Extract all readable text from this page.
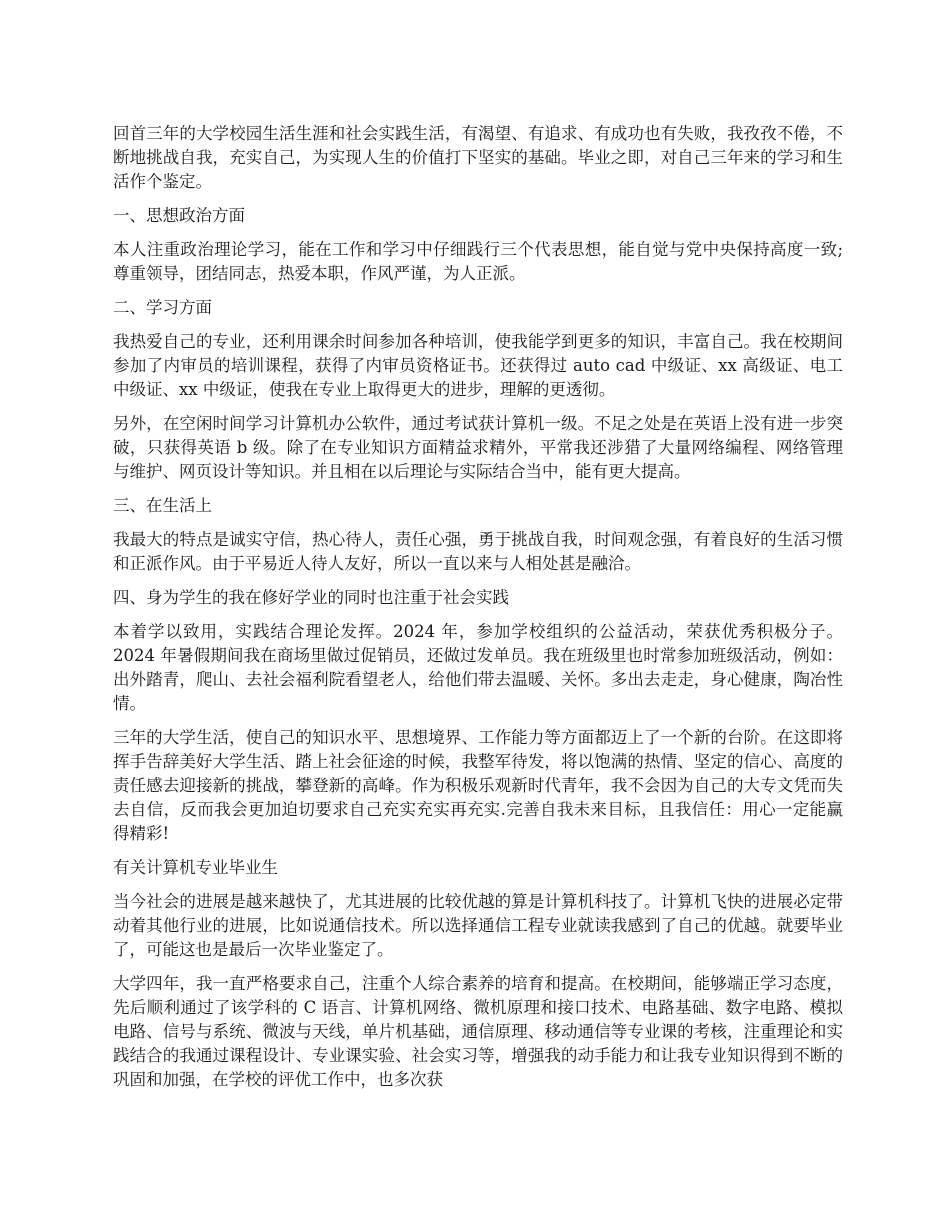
回首三年的大学校园生活生涯和社会实践生活，有渴望、有追求、有成功也有失败，我孜孜不倦，不断地挑战自我，充实自己，为实现人生的价值打下坚实的基础。毕业之即，对自己三年来的学习和生活作个鉴定。

一、思想政治方面

本人注重政治理论学习，能在工作和学习中仔细践行三个代表思想，能自觉与党中央保持高度一致;尊重领导，团结同志，热爱本职，作风严谨，为人正派。

二、学习方面

我热爱自己的专业，还利用课余时间参加各种培训，使我能学到更多的知识，丰富自己。我在校期间参加了内审员的培训课程，获得了内审员资格证书。还获得过 auto cad 中级证、xx 高级证、电工中级证、xx 中级证，使我在专业上取得更大的进步，理解的更透彻。

另外，在空闲时间学习计算机办公软件，通过考试获计算机一级。不足之处是在英语上没有进一步突破，只获得英语 b 级。除了在专业知识方面精益求精外，平常我还涉猎了大量网络编程、网络管理与维护、网页设计等知识。并且相在以后理论与实际结合当中，能有更大提高。

三、在生活上

我最大的特点是诚实守信，热心待人，责任心强，勇于挑战自我，时间观念强，有着良好的生活习惯和正派作风。由于平易近人待人友好，所以一直以来与人相处甚是融洽。

四、身为学生的我在修好学业的同时也注重于社会实践

本着学以致用，实践结合理论发挥。2024 年，参加学校组织的公益活动，荣获优秀积极分子。2024 年暑假期间我在商场里做过促销员，还做过发单员。我在班级里也时常参加班级活动，例如：出外踏青，爬山、去社会福利院看望老人，给他们带去温暖、关怀。多出去走走，身心健康，陶冶性情。

三年的大学生活，使自己的知识水平、思想境界、工作能力等方面都迈上了一个新的台阶。在这即将挥手告辞美好大学生活、踏上社会征途的时候，我整军待发，将以饱满的热情、坚定的信心、高度的责任感去迎接新的挑战，攀登新的高峰。作为积极乐观新时代青年，我不会因为自己的大专文凭而失去自信，反而我会更加迫切要求自己充实充实再充实.完善自我未来目标，且我信任：用心一定能赢得精彩!

有关计算机专业毕业生

当今社会的进展是越来越快了，尤其进展的比较优越的算是计算机科技了。计算机飞快的进展必定带动着其他行业的进展，比如说通信技术。所以选择通信工程专业就读我感到了自己的优越。就要毕业了，可能这也是最后一次毕业鉴定了。

大学四年，我一直严格要求自己，注重个人综合素养的培育和提高。在校期间，能够端正学习态度，先后顺利通过了该学科的 C 语言、计算机网络、微机原理和接口技术、电路基础、数字电路、模拟电路、信号与系统、微波与天线，单片机基础，通信原理、移动通信等专业课的考核，注重理论和实践结合的我通过课程设计、专业课实验、社会实习等，增强我的动手能力和让我专业知识得到不断的巩固和加强，在学校的评优工作中，也多次获
